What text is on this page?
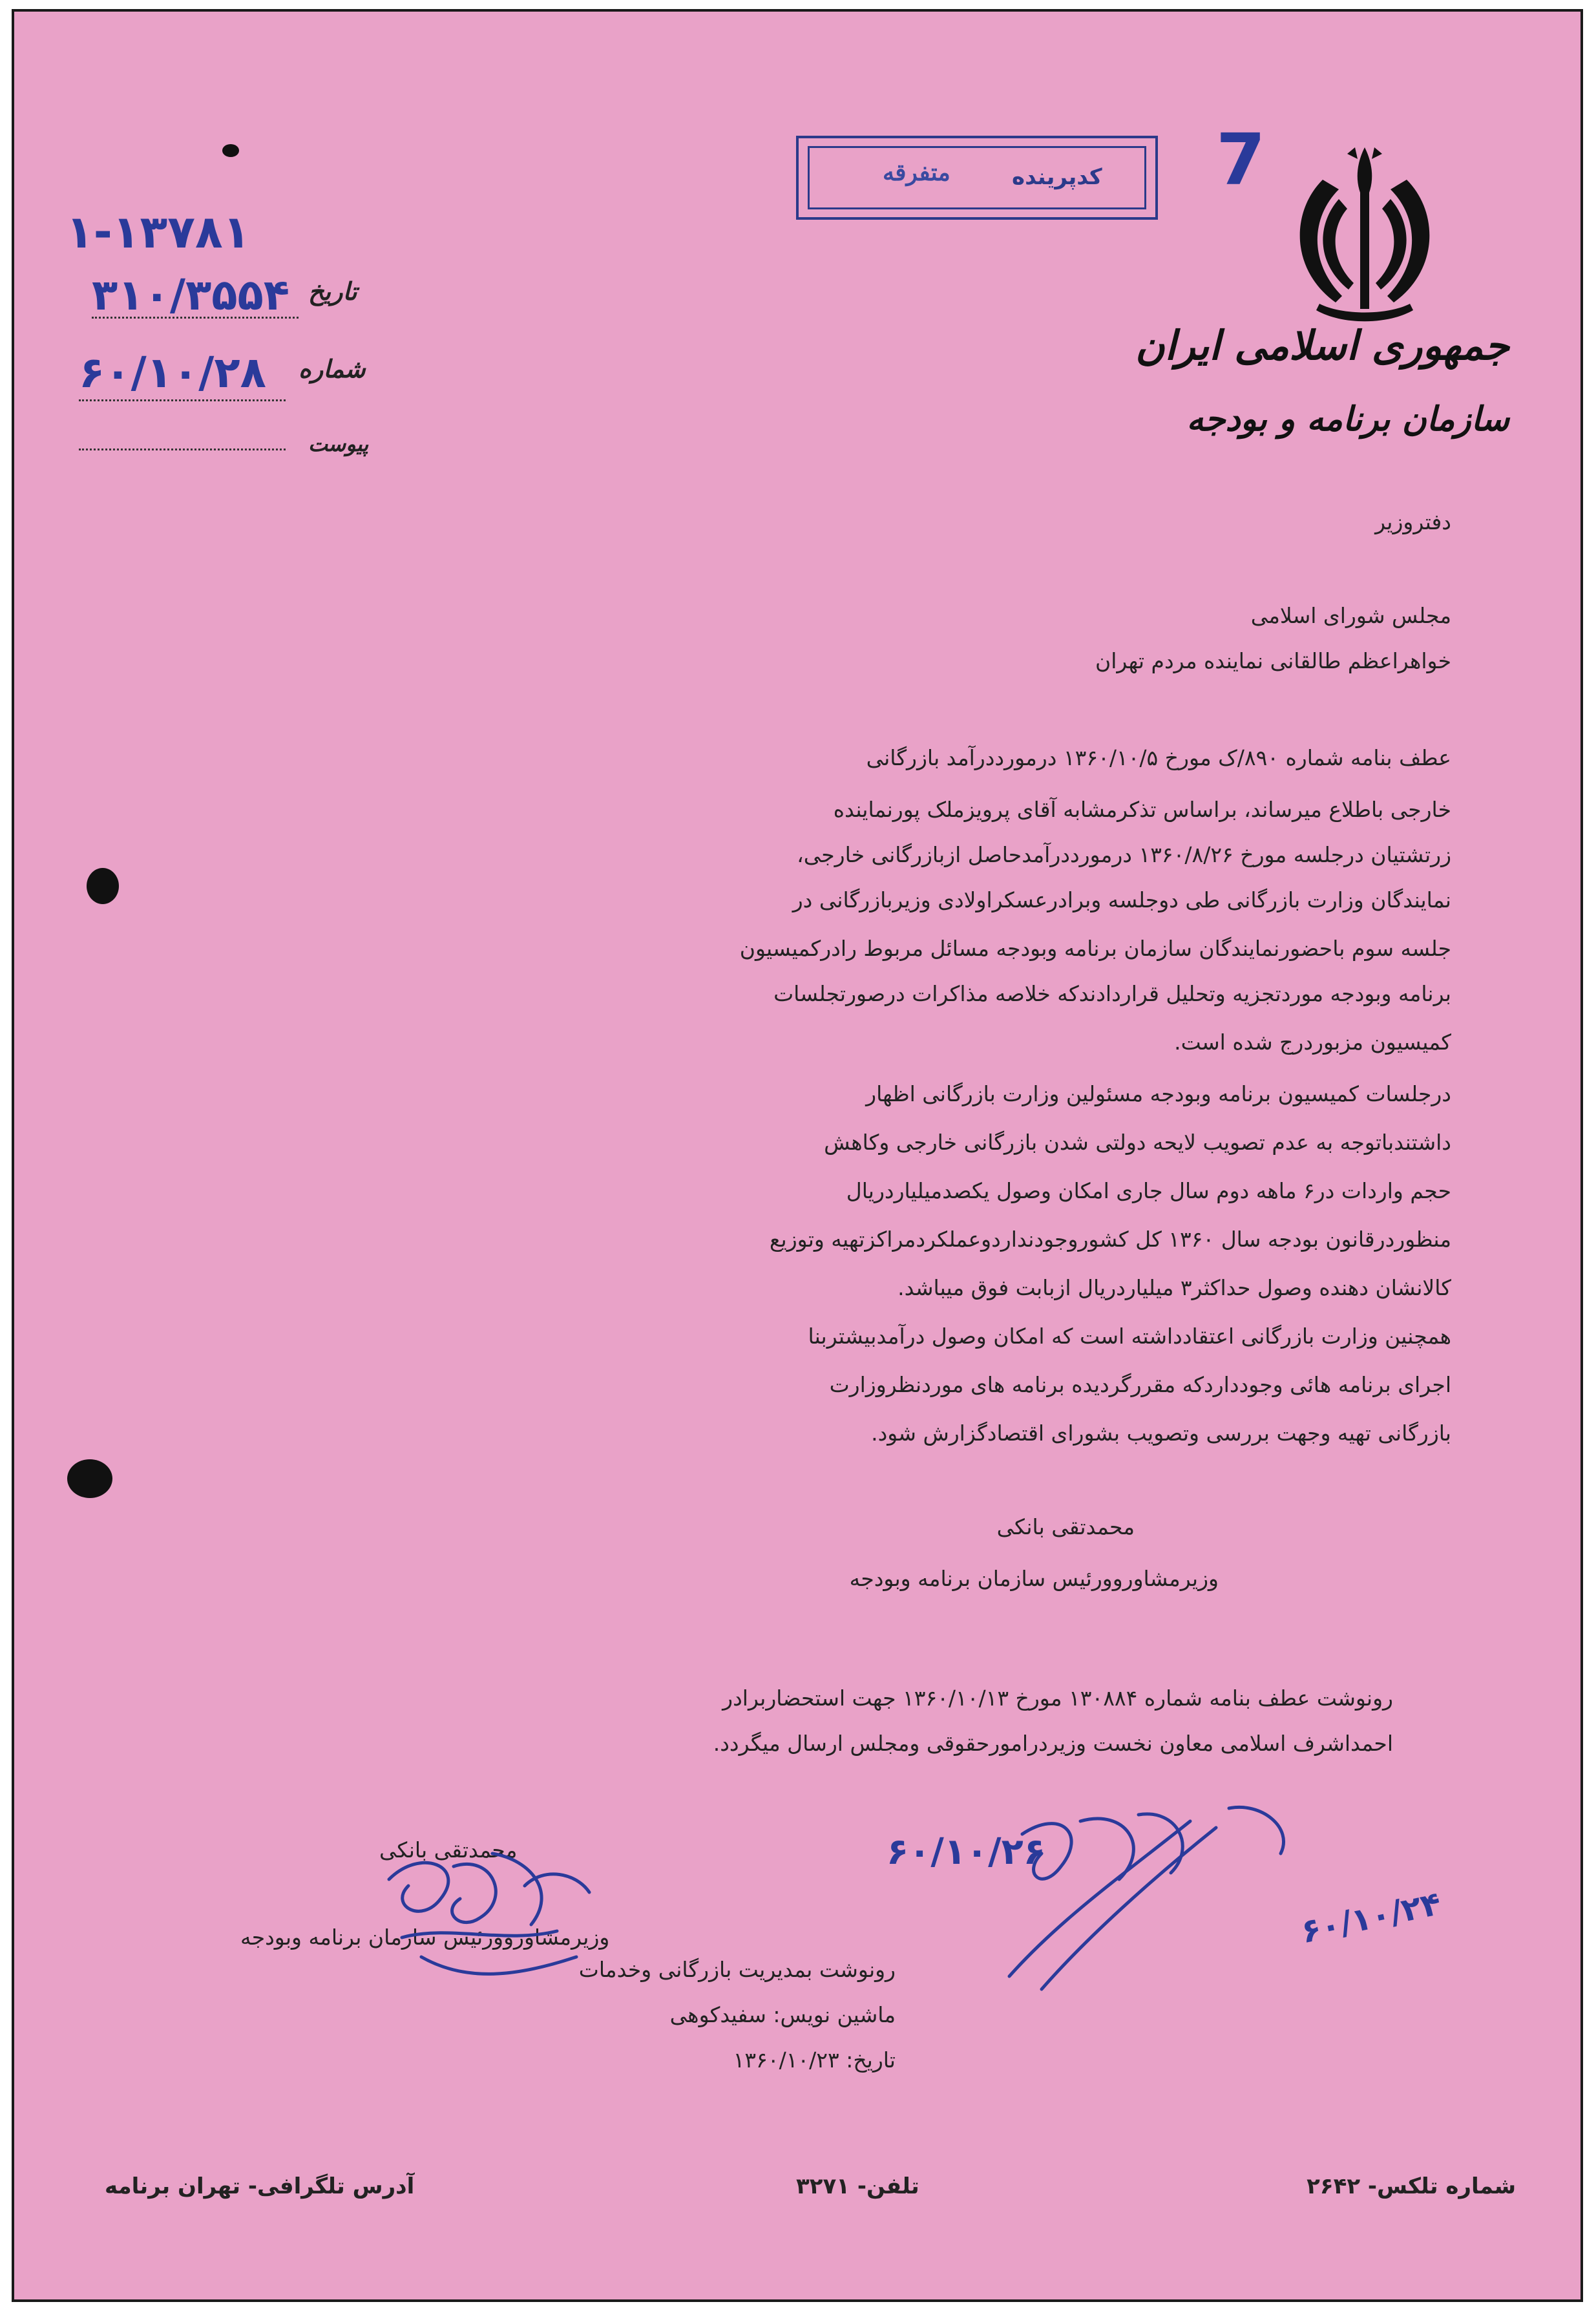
7
کدپرینده
متفرقه
جمهوری اسلامی ایران
سازمان برنامه و بودجه
۱-۱۳۷۸۱
تاریخ
۳۱۰/۳۵۵۴
شماره
۶۰/۱۰/۲۸
پیوست
دفتروزیر
مجلس شورای اسلامی
خواهراعظم طالقانی نماینده مردم تهران
عطف بنامه شماره ۸۹۰/ک مورخ ۱۳۶۰/۱۰/۵ درمورددرآمد بازرگانی
خارجی باطلاع میرساند، براساس تذکرمشابه آقای پرویزملک پورنماینده
زرتشتیان درجلسه مورخ ۱۳۶۰/۸/۲۶ درمورددرآمدحاصل ازبازرگانی خارجی،
نمایندگان وزارت بازرگانی طی دوجلسه وبرادرعسکراولادی وزیربازرگانی در
جلسه سوم باحضورنمایندگان سازمان برنامه وبودجه مسائل مربوط رادرکمیسیون
برنامه وبودجه موردتجزیه وتحلیل قراردادندکه خلاصه مذاکرات درصورتجلسات
کمیسیون مزبوردرج شده است.
درجلسات کمیسیون برنامه وبودجه مسئولین وزارت بازرگانی اظهار
داشتندباتوجه به عدم تصویب لایحه دولتی شدن بازرگانی خارجی وکاهش
حجم واردات در۶ ماهه دوم سال جاری امکان وصول یکصدمیلیاردریال
منظوردرقانون بودجه سال ۱۳۶۰ کل کشوروجودنداردوعملکردمراکزتهیه وتوزیع
کالانشان دهنده وصول حداکثر۳ میلیاردریال ازبابت فوق میباشد.
همچنین وزارت بازرگانی اعتقادداشته است که امکان وصول درآمدبیشتربنا
اجرای برنامه هائی وجودداردکه مقررگردیده برنامه های موردنظروزارت
بازرگانی تهیه وجهت بررسی وتصویب بشورای اقتصادگزارش شود.
محمدتقی بانکی
وزیرمشاوروورئیس سازمان برنامه وبودجه
رونوشت عطف بنامه شماره ۱۳۰۸۸۴ مورخ ۱۳۶۰/۱۰/۱۳ جهت استحضاربرادر
احمداشرف اسلامی معاون نخست وزیردرامورحقوقی ومجلس ارسال میگردد.
محمدتقی بانکی
وزیرمشاوروورئیس سازمان برنامه وبودجه
۶۰/۱۰/۲۶
۶۰/۱۰/۲۴
رونوشت بمدیریت بازرگانی وخدمات
ماشین نویس: سفیدکوهی
تاریخ: ۱۳۶۰/۱۰/۲۳
شماره تلکس- ۲۶۴۲
تلفن- ۳۲۷۱
آدرس تلگرافی- تهران برنامه
